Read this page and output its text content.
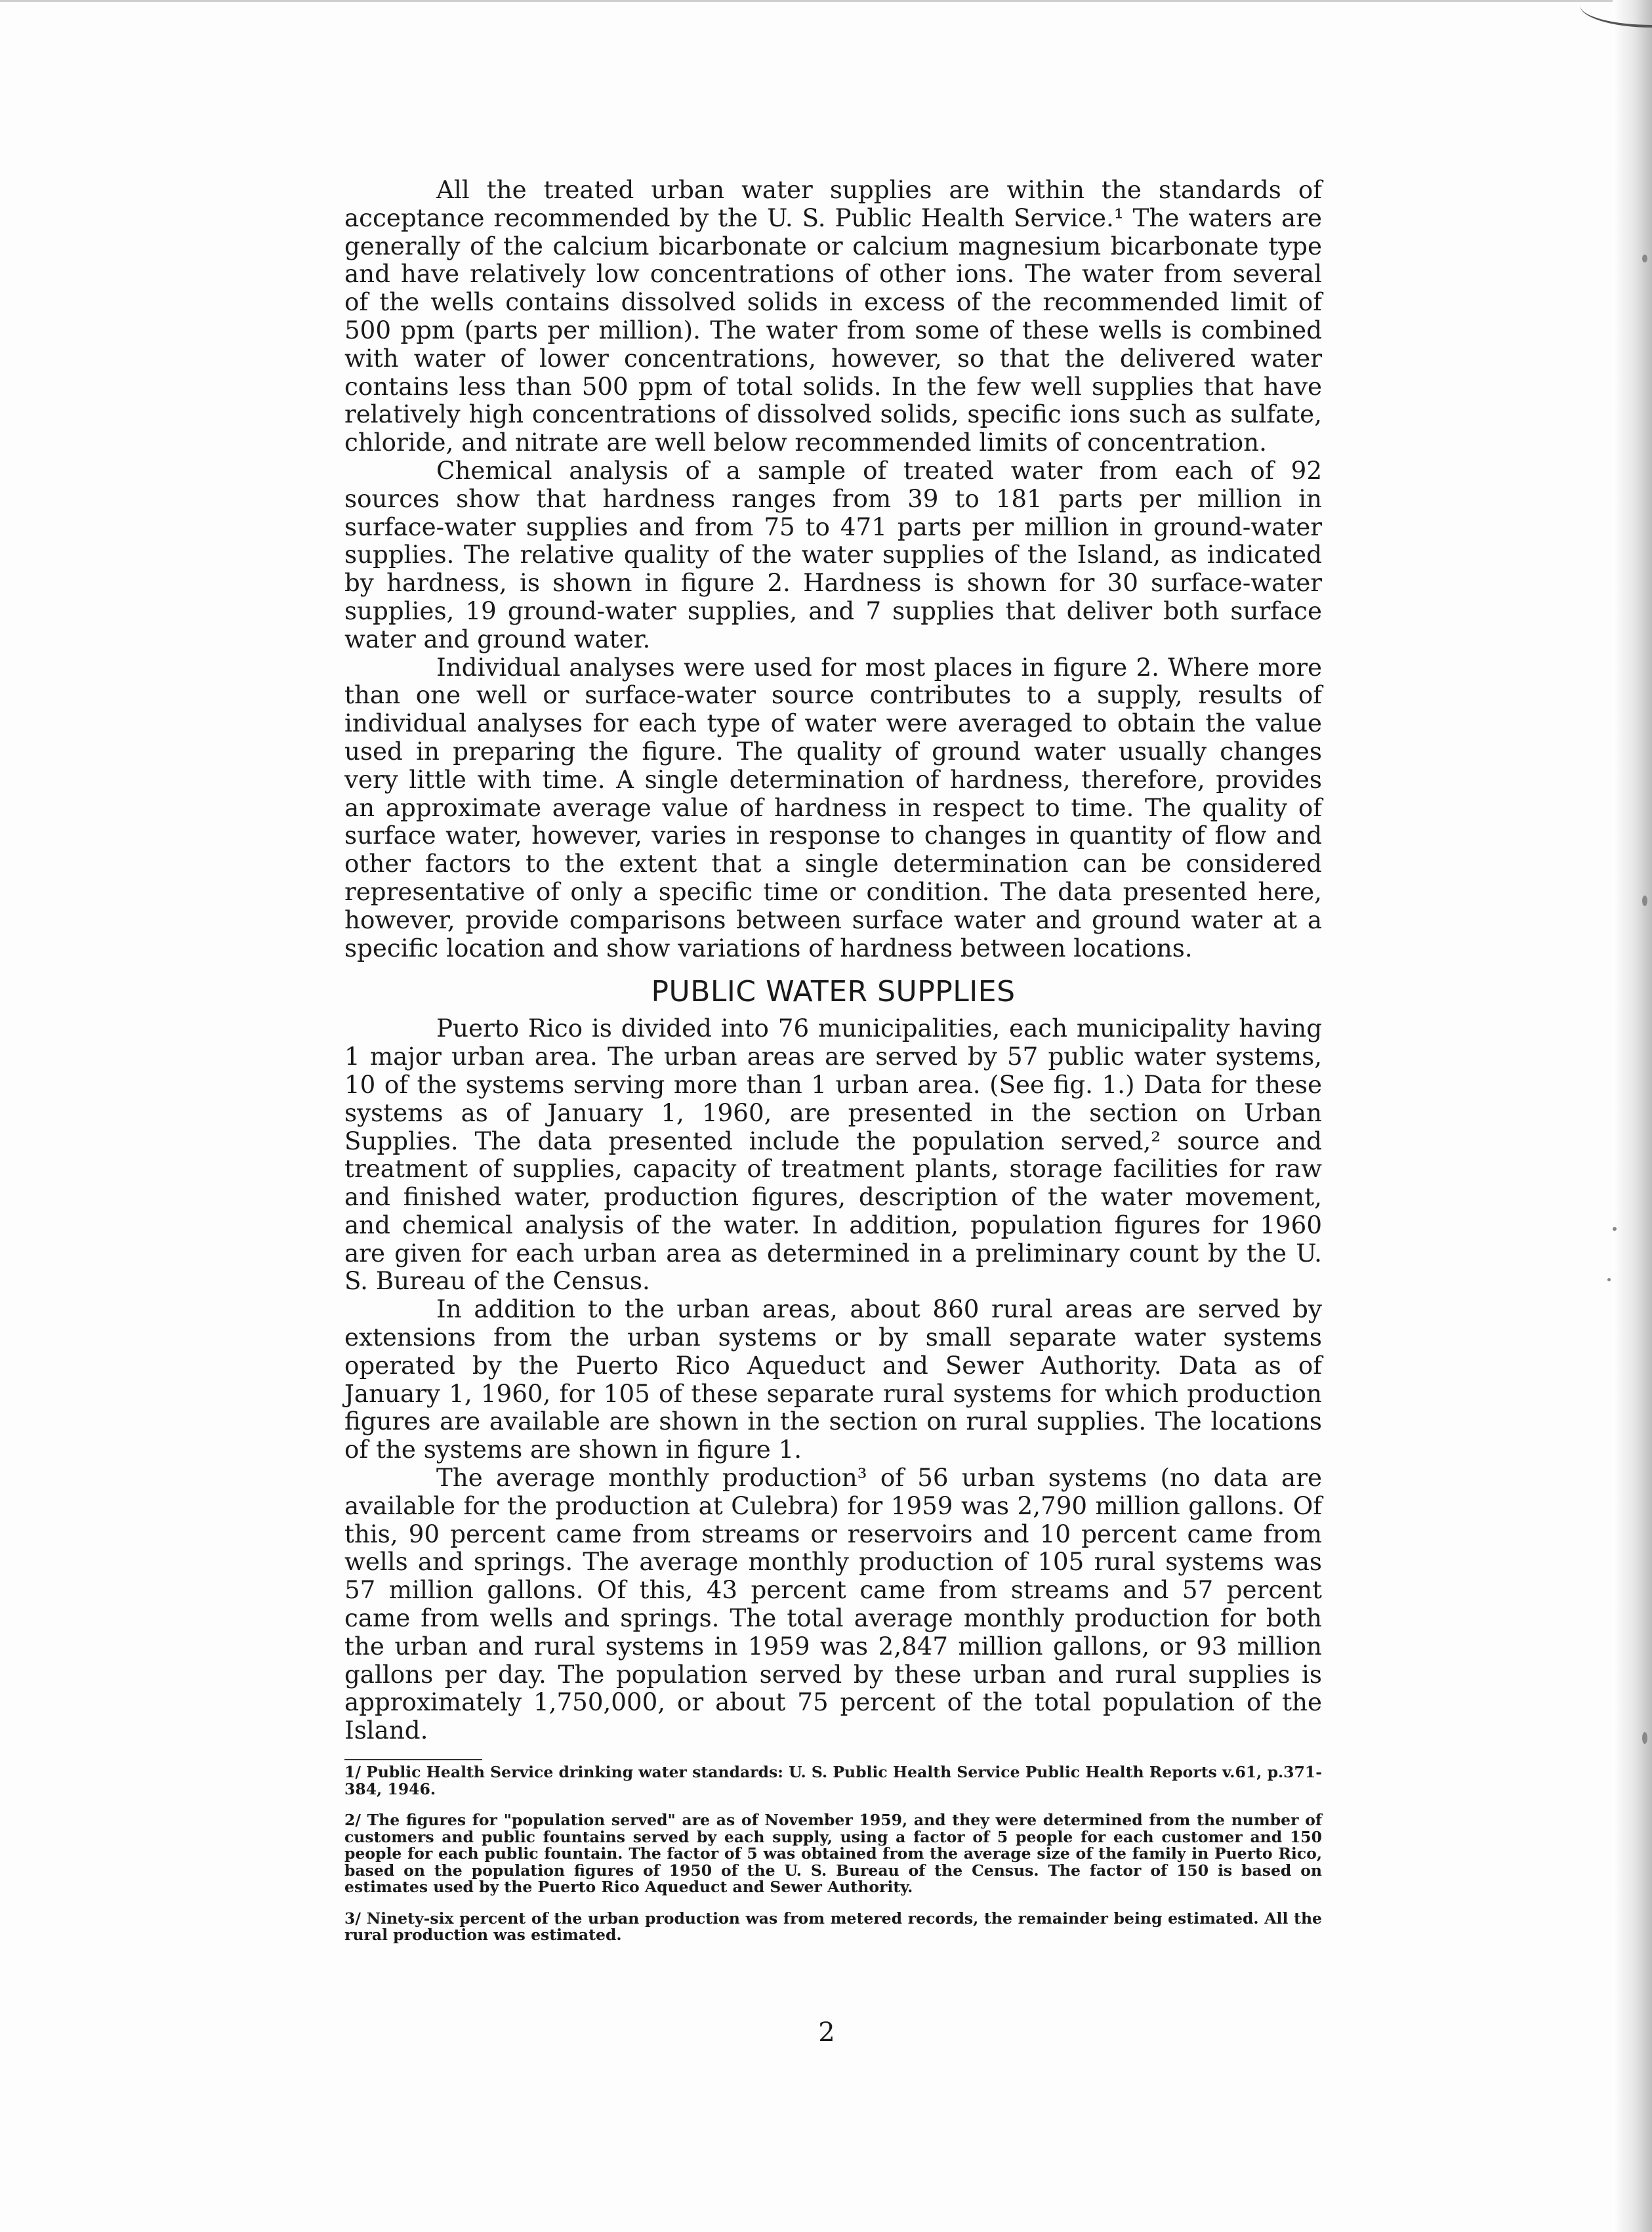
All the treated urban water supplies are within the standards of acceptance recommended by the U. S. Public Health Service.¹ The waters are generally of the calcium bicarbonate or calcium magnesium bicarbonate type and have relatively low concentrations of other ions. The water from several of the wells contains dissolved solids in excess of the recommended limit of 500 ppm (parts per million). The water from some of these wells is combined with water of lower concentrations, however, so that the delivered water contains less than 500 ppm of total solids. In the few well supplies that have relatively high concentrations of dissolved solids, specific ions such as sulfate, chloride, and nitrate are well below recommended limits of concentration.

Chemical analysis of a sample of treated water from each of 92 sources show that hardness ranges from 39 to 181 parts per million in surface-water supplies and from 75 to 471 parts per million in ground-water supplies. The relative quality of the water supplies of the Island, as indicated by hardness, is shown in figure 2. Hardness is shown for 30 surface-water supplies, 19 ground-water supplies, and 7 supplies that deliver both surface water and ground water.

Individual analyses were used for most places in figure 2. Where more than one well or surface-water source contributes to a supply, results of individual analyses for each type of water were averaged to obtain the value used in preparing the figure. The quality of ground water usually changes very little with time. A single determination of hardness, therefore, provides an approximate average value of hardness in respect to time. The quality of surface water, however, varies in response to changes in quantity of flow and other factors to the extent that a single determination can be considered representative of only a specific time or condition. The data presented here, however, provide comparisons between surface water and ground water at a specific location and show variations of hardness between locations.

PUBLIC WATER SUPPLIES

Puerto Rico is divided into 76 municipalities, each municipality having 1 major urban area. The urban areas are served by 57 public water systems, 10 of the systems serving more than 1 urban area. (See fig. 1.) Data for these systems as of January 1, 1960, are presented in the section on Urban Supplies. The data presented include the population served,² source and treatment of supplies, capacity of treatment plants, storage facilities for raw and finished water, production figures, description of the water movement, and chemical analysis of the water. In addition, population figures for 1960 are given for each urban area as determined in a preliminary count by the U. S. Bureau of the Census.

In addition to the urban areas, about 860 rural areas are served by extensions from the urban systems or by small separate water systems operated by the Puerto Rico Aqueduct and Sewer Authority. Data as of January 1, 1960, for 105 of these separate rural systems for which production figures are available are shown in the section on rural supplies. The locations of the systems are shown in figure 1.

The average monthly production³ of 56 urban systems (no data are available for the production at Culebra) for 1959 was 2,790 million gallons. Of this, 90 percent came from streams or reservoirs and 10 percent came from wells and springs. The average monthly production of 105 rural systems was 57 million gallons. Of this, 43 percent came from streams and 57 percent came from wells and springs. The total average monthly production for both the urban and rural systems in 1959 was 2,847 million gallons, or 93 million gallons per day. The population served by these urban and rural supplies is approximately 1,750,000, or about 75 percent of the total population of the Island.

1/ Public Health Service drinking water standards: U. S. Public Health Service Public Health Reports v.61, p.371-384, 1946.

2/ The figures for "population served" are as of November 1959, and they were determined from the number of customers and public fountains served by each supply, using a factor of 5 people for each customer and 150 people for each public fountain. The factor of 5 was obtained from the average size of the family in Puerto Rico, based on the population figures of 1950 of the U. S. Bureau of the Census. The factor of 150 is based on estimates used by the Puerto Rico Aqueduct and Sewer Authority.

3/ Ninety-six percent of the urban production was from metered records, the remainder being estimated. All the rural production was estimated.

2
